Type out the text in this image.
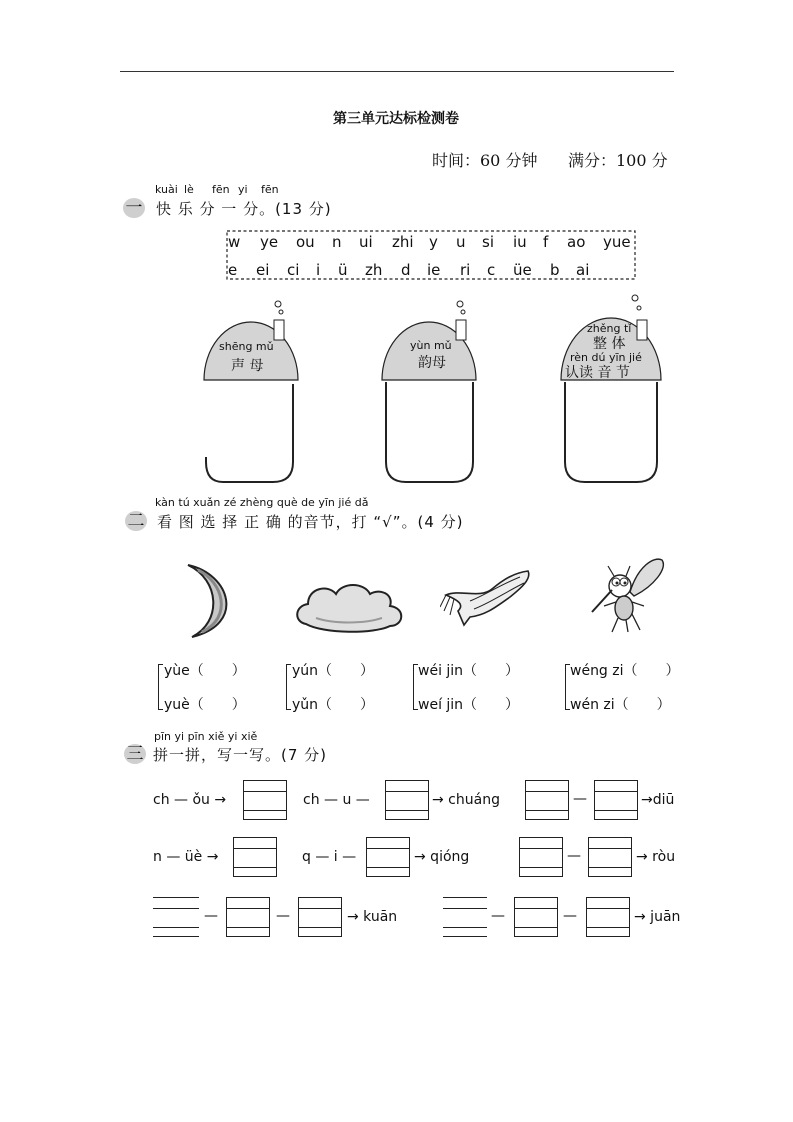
第三单元达标检测卷
时间：60 分钟 满分：100 分
kuài lè fēn yi fēn
一 快 乐 分 一 分。(13 分)
w ye ou n ui zhi y u si iu f ao yue
e ei ci i ü zh d ie ri c üe b ai
shēng mǔ
声 母
yùn mǔ
韵母
zhěng tǐ
整 体
rèn dú yīn jié
认读 音 节
kàn tú xuǎn zé zhèng què de yīn jié dǎ
二 看 图 选 择 正 确 的音节，打 “√”。(4 分)
yùe（　　）
yuè（　　）
yún（　　）
yǔn（　　）
wéi jin（　　）
weí jin（　　）
wéng zi（　　）
wén zi（　　）
pīn yi pīn xiě yi xiě
三 拼一拼，写一写。(7 分)
ch — ǒu →	ch — u —	→ chuáng	—	→diū
n — üè →	q — i —	→ qióng	—	→ ròu
—	—	→ kuān	—	—	→ juān
